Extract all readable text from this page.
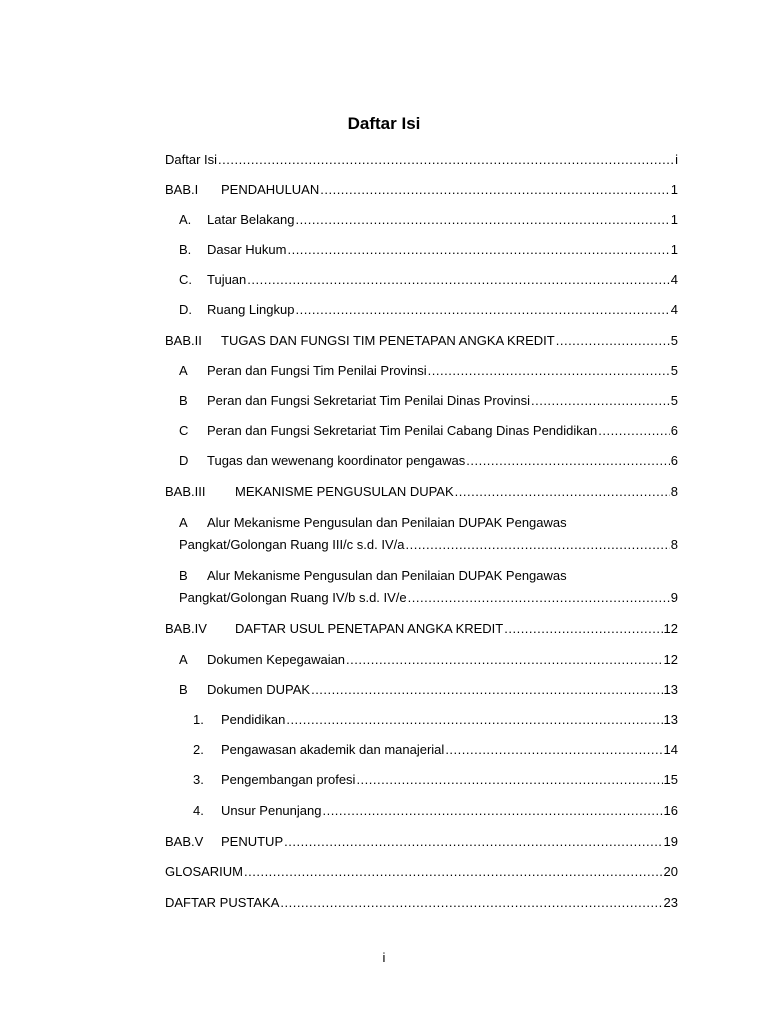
Daftar Isi
Daftar Isi .....	i
BAB.I	PENDAHULUAN .....	1
A.	Latar Belakang .....	1
B.	Dasar Hukum .....	1
C.	Tujuan .....	4
D.	Ruang Lingkup .....	4
BAB.II	TUGAS DAN FUNGSI TIM PENETAPAN ANGKA KREDIT .....	5
A	Peran dan Fungsi Tim Penilai Provinsi .....	5
B	Peran dan Fungsi Sekretariat Tim Penilai Dinas Provinsi .....	5
C	Peran dan Fungsi Sekretariat Tim Penilai Cabang Dinas Pendidikan .....	6
D	Tugas dan wewenang koordinator pengawas .....	6
BAB.III	MEKANISME PENGUSULAN DUPAK .....	8
A Alur Mekanisme Pengusulan dan Penilaian DUPAK Pengawas
Pangkat/Golongan Ruang III/c s.d. IV/a .....	8
B Alur Mekanisme Pengusulan dan Penilaian DUPAK Pengawas
Pangkat/Golongan Ruang IV/b s.d. IV/e .....	9
BAB.IV	DAFTAR USUL PENETAPAN ANGKA KREDIT .....	12
A	Dokumen Kepegawaian .....	12
B	Dokumen DUPAK .....	13
1.	Pendidikan .....	13
2.	Pengawasan akademik dan manajerial .....	14
3.	Pengembangan profesi .....	15
4.	Unsur Penunjang .....	16
BAB.V	PENUTUP .....	19
GLOSARIUM .....	20
DAFTAR PUSTAKA .....	23
i
